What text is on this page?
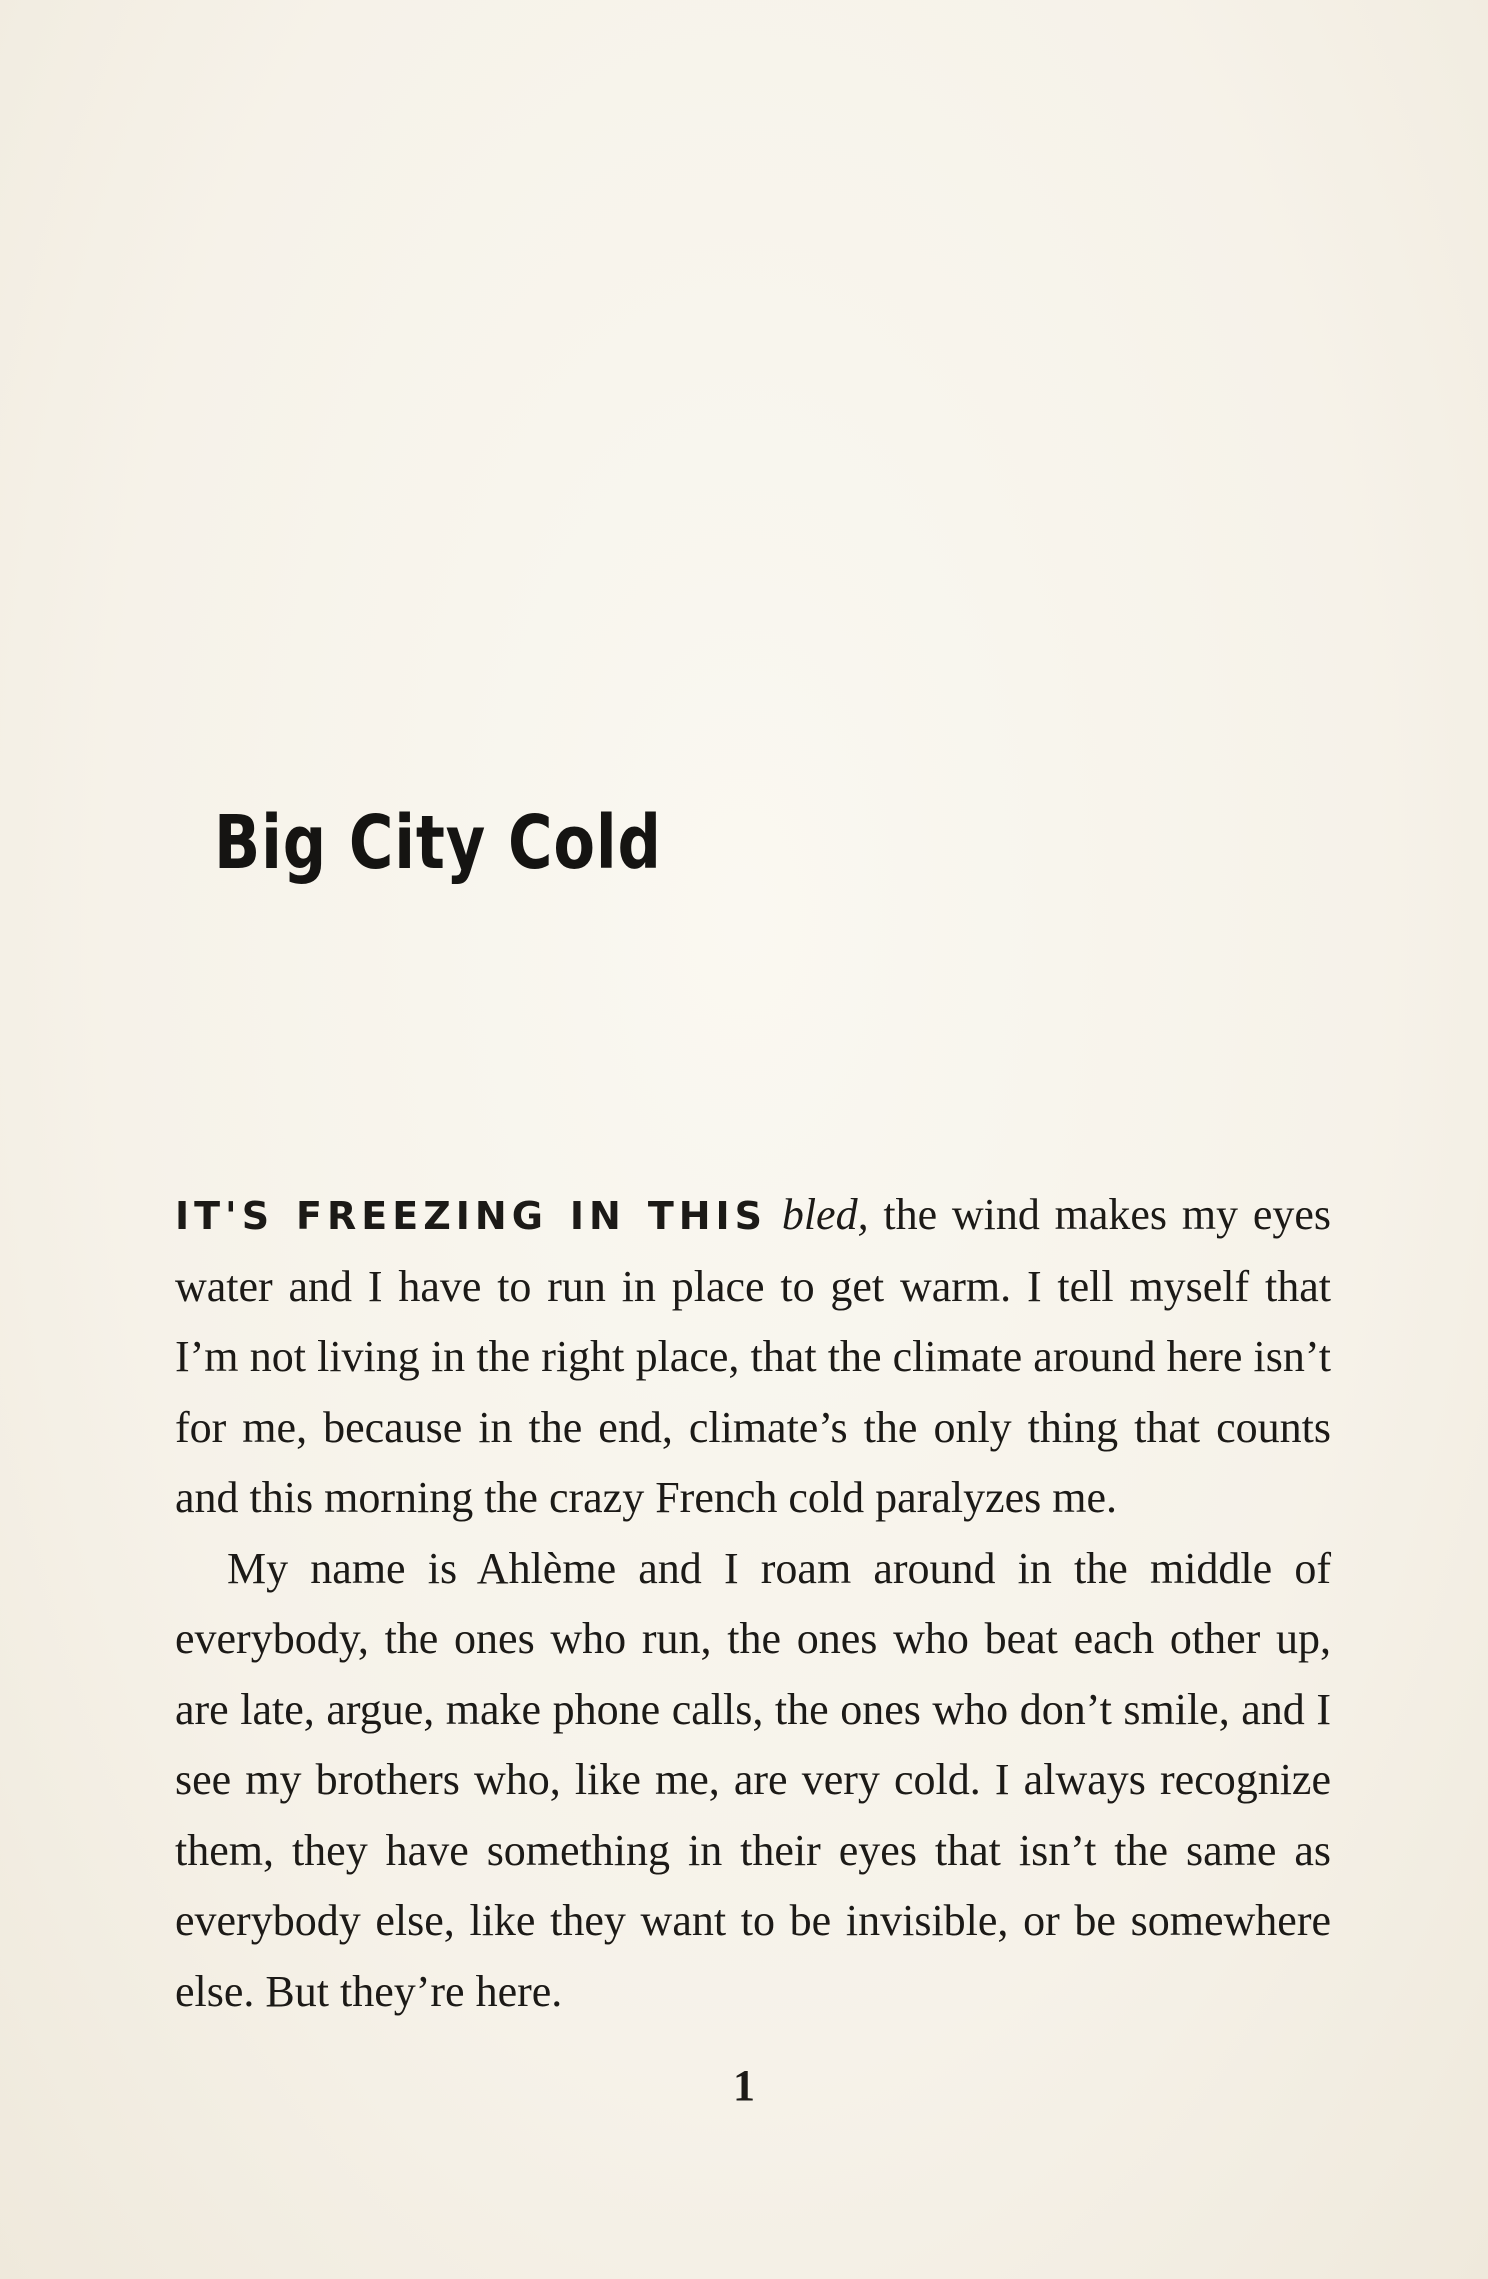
Big City Cold

IT'S FREEZING IN THIS bled, the wind makes my eyes water and I have to run in place to get warm. I tell myself that I’m not living in the right place, that the climate around here isn’t for me, because in the end, climate’s the only thing that counts and this morning the crazy French cold paralyzes me.

My name is Ahlème and I roam around in the middle of everybody, the ones who run, the ones who beat each other up, are late, argue, make phone calls, the ones who don’t smile, and I see my brothers who, like me, are very cold. I always recognize them, they have something in their eyes that isn’t the same as everybody else, like they want to be invisible, or be somewhere else. But they’re here.

1
